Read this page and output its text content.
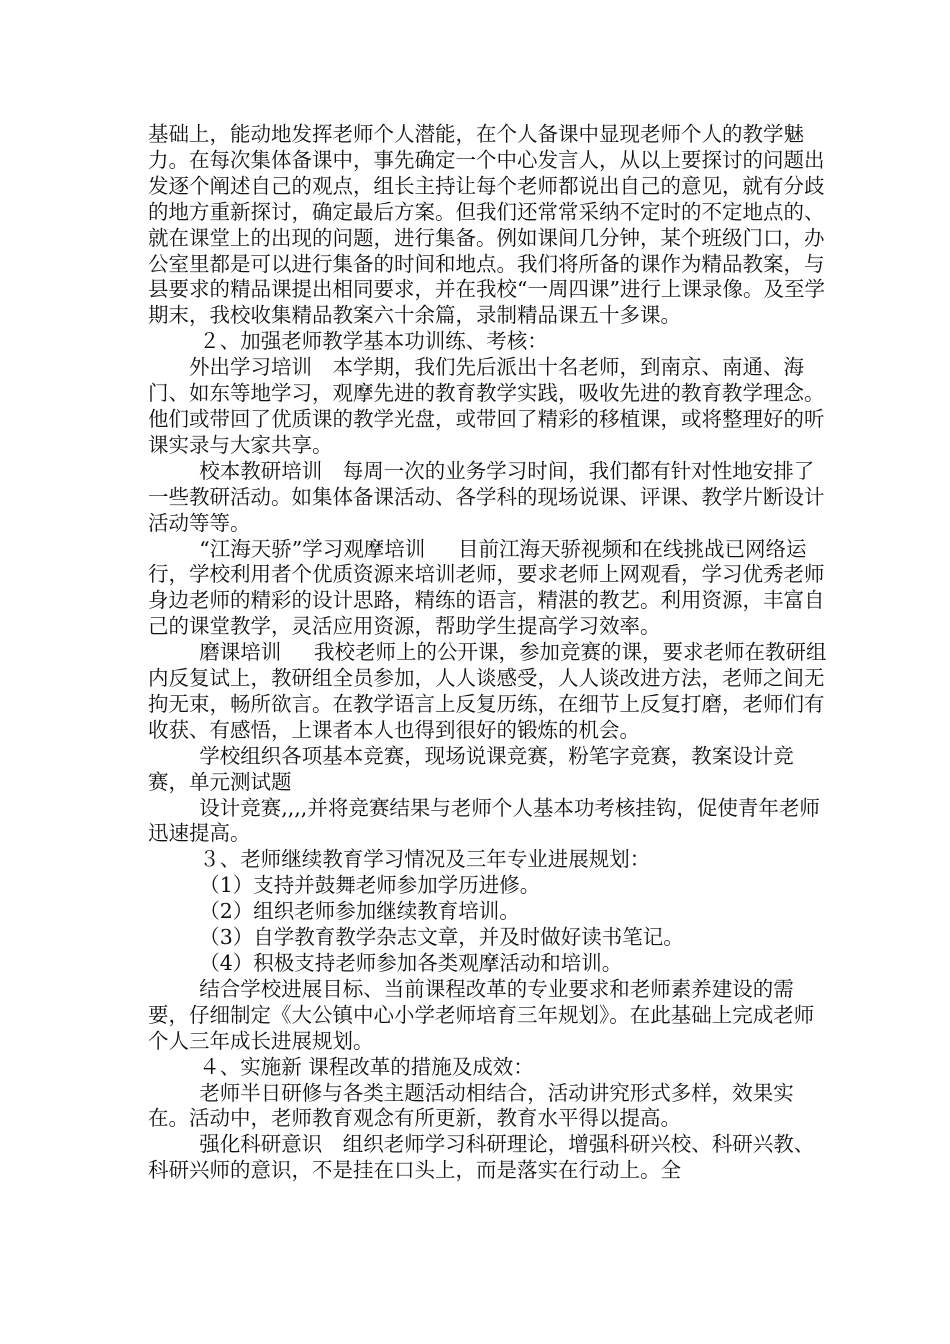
基础上，能动地发挥老师个人潜能，在个人备课中显现老师个人的教学魅力。在每次集体备课中，事先确定一个中心发言人，从以上要探讨的问题出发逐个阐述自己的观点，组长主持让每个老师都说出自己的意见，就有分歧的地方重新探讨，确定最后方案。但我们还常常采纳不定时的不定地点的、就在课堂上的出现的问题，进行集备。例如课间几分钟，某个班级门口，办公室里都是可以进行集备的时间和地点。我们将所备的课作为精品教案，与县要求的精品课提出相同要求，并在我校“一周四课”进行上课录像。及至学期末，我校收集精品教案六十余篇，录制精品课五十多课。

２、加强老师教学基本功训练、考核：

外出学习培训 本学期，我们先后派出十名老师，到南京、南通、海门、如东等地学习，观摩先进的教育教学实践，吸收先进的教育教学理念。他们或带回了优质课的教学光盘，或带回了精彩的移植课，或将整理好的听课实录与大家共享。

校本教研培训 每周一次的业务学习时间，我们都有针对性地安排了一些教研活动。如集体备课活动、各学科的现场说课、评课、教学片断设计活动等等。

“江海天骄”学习观摩培训 目前江海天骄视频和在线挑战已网络运行，学校利用者个优质资源来培训老师，要求老师上网观看，学习优秀老师身边老师的精彩的设计思路，精练的语言，精湛的教艺。利用资源，丰富自己的课堂教学，灵活应用资源，帮助学生提高学习效率。

磨课培训 我校老师上的公开课，参加竞赛的课，要求老师在教研组内反复试上，教研组全员参加，人人谈感受，人人谈改进方法，老师之间无拘无束，畅所欲言。在教学语言上反复历练，在细节上反复打磨，老师们有收获、有感悟，上课者本人也得到很好的锻炼的机会。

学校组织各项基本竞赛，现场说课竞赛，粉笔字竞赛，教案设计竞赛，单元测试题

设计竞赛,,,,并将竞赛结果与老师个人基本功考核挂钩，促使青年老师迅速提高。

３、老师继续教育学习情况及三年专业进展规划：

（1）支持并鼓舞老师参加学历进修。

（2）组织老师参加继续教育培训。

（3）自学教育教学杂志文章，并及时做好读书笔记。

（4）积极支持老师参加各类观摩活动和培训。

结合学校进展目标、当前课程改革的专业要求和老师素养建设的需要，仔细制定《大公镇中心小学老师培育三年规划》。在此基础上完成老师个人三年成长进展规划。

４、实施新 课程改革的措施及成效：

老师半日研修与各类主题活动相结合，活动讲究形式多样，效果实在。活动中，老师教育观念有所更新，教育水平得以提高。

强化科研意识 组织老师学习科研理论，增强科研兴校、科研兴教、科研兴师的意识，不是挂在口头上，而是落实在行动上。全
